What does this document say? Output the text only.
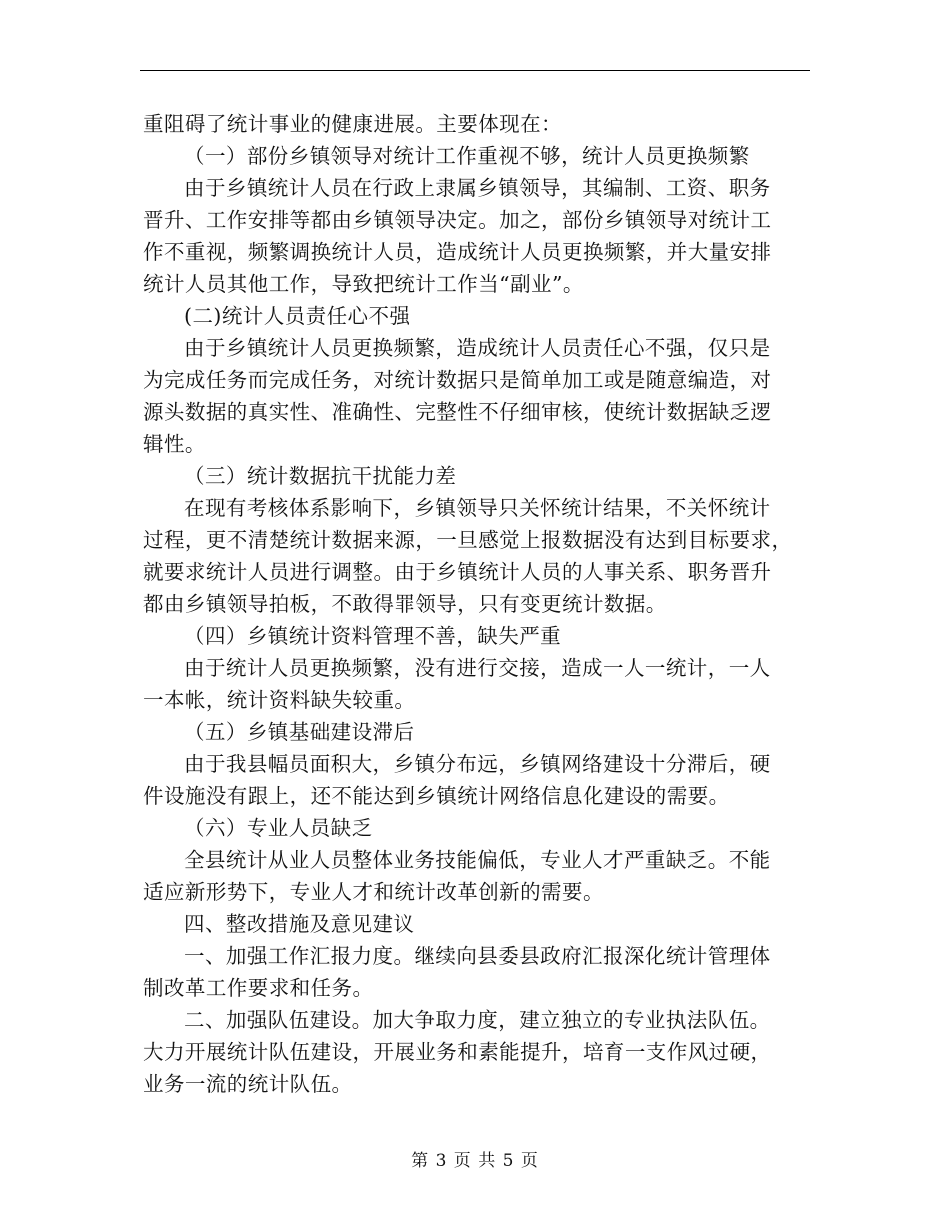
重阻碍了统计事业的健康进展。主要体现在：
（一）部份乡镇领导对统计工作重视不够，统计人员更换频繁
由于乡镇统计人员在行政上隶属乡镇领导，其编制、工资、职务
晋升、工作安排等都由乡镇领导决定。加之，部份乡镇领导对统计工
作不重视，频繁调换统计人员，造成统计人员更换频繁，并大量安排
统计人员其他工作，导致把统计工作当“副业”。
(二)统计人员责任心不强
由于乡镇统计人员更换频繁，造成统计人员责任心不强，仅只是
为完成任务而完成任务，对统计数据只是简单加工或是随意编造，对
源头数据的真实性、准确性、完整性不仔细审核，使统计数据缺乏逻
辑性。
（三）统计数据抗干扰能力差
在现有考核体系影响下，乡镇领导只关怀统计结果，不关怀统计
过程，更不清楚统计数据来源，一旦感觉上报数据没有达到目标要求，
就要求统计人员进行调整。由于乡镇统计人员的人事关系、职务晋升
都由乡镇领导拍板，不敢得罪领导，只有变更统计数据。
（四）乡镇统计资料管理不善，缺失严重
由于统计人员更换频繁，没有进行交接，造成一人一统计，一人
一本帐，统计资料缺失较重。
（五）乡镇基础建设滞后
由于我县幅员面积大，乡镇分布远，乡镇网络建设十分滞后，硬
件设施没有跟上，还不能达到乡镇统计网络信息化建设的需要。
（六）专业人员缺乏
全县统计从业人员整体业务技能偏低，专业人才严重缺乏。不能
适应新形势下，专业人才和统计改革创新的需要。
四、整改措施及意见建议
一、加强工作汇报力度。继续向县委县政府汇报深化统计管理体
制改革工作要求和任务。
二、加强队伍建设。加大争取力度，建立独立的专业执法队伍。
大力开展统计队伍建设，开展业务和素能提升，培育一支作风过硬，
业务一流的统计队伍。
第 3 页 共 5 页
